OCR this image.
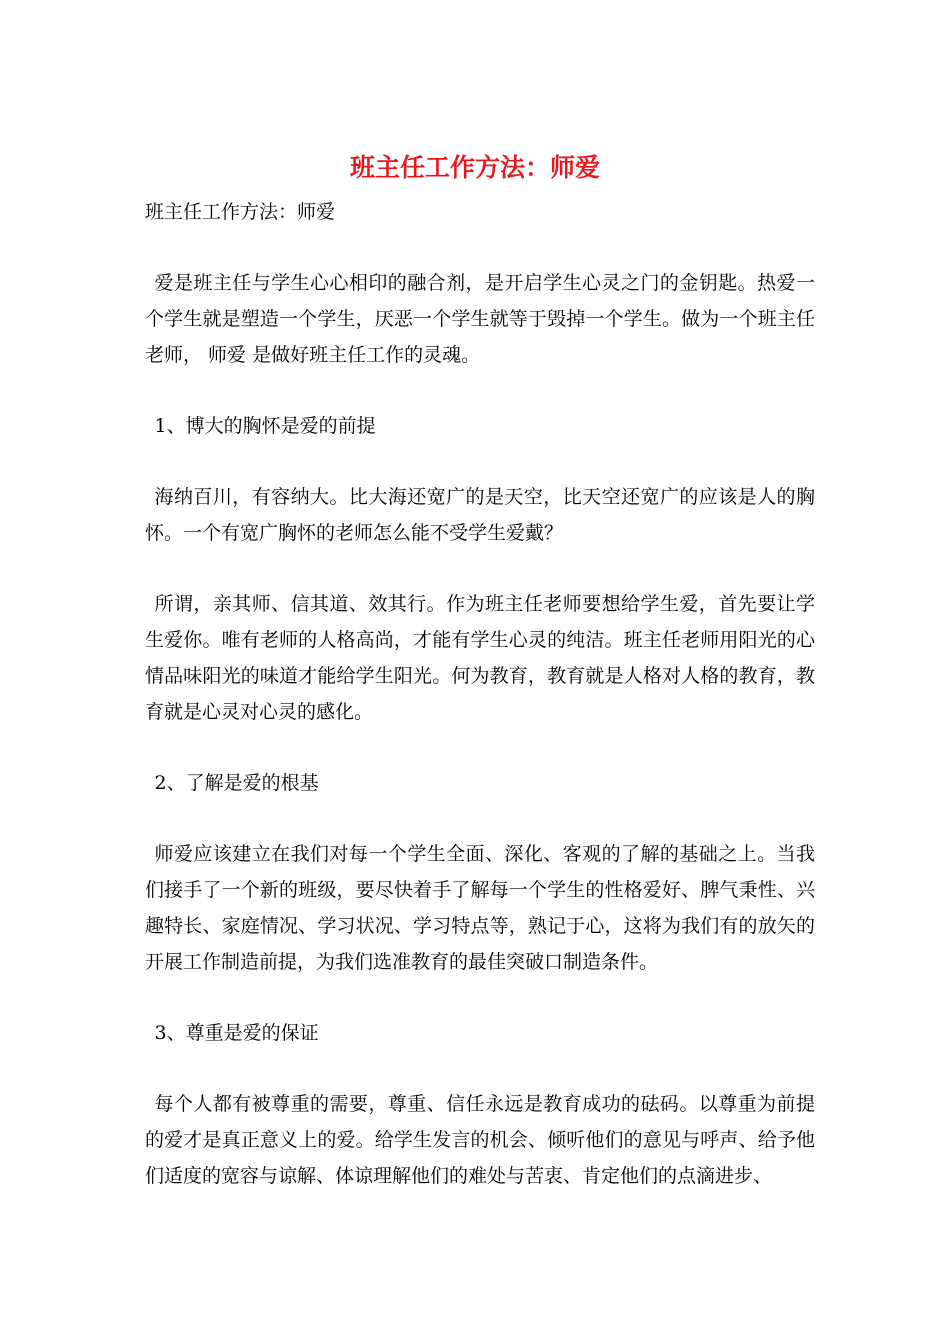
班主任工作方法：师爱
班主任工作方法：师爱

爱是班主任与学生心心相印的融合剂，是开启学生心灵之门的金钥匙。热爱一个学生就是塑造一个学生，厌恶一个学生就等于毁掉一个学生。做为一个班主任老师， 师爱 是做好班主任工作的灵魂。

1、博大的胸怀是爱的前提

海纳百川，有容纳大。比大海还宽广的是天空，比天空还宽广的应该是人的胸怀。一个有宽广胸怀的老师怎么能不受学生爱戴？

所谓，亲其师、信其道、效其行。作为班主任老师要想给学生爱，首先要让学生爱你。唯有老师的人格高尚，才能有学生心灵的纯洁。班主任老师用阳光的心情品味阳光的味道才能给学生阳光。何为教育，教育就是人格对人格的教育，教育就是心灵对心灵的感化。

2、了解是爱的根基

师爱应该建立在我们对每一个学生全面、深化、客观的了解的基础之上。当我们接手了一个新的班级，要尽快着手了解每一个学生的性格爱好、脾气秉性、兴趣特长、家庭情况、学习状况、学习特点等，熟记于心，这将为我们有的放矢的开展工作制造前提，为我们选准教育的最佳突破口制造条件。

3、尊重是爱的保证

每个人都有被尊重的需要，尊重、信任永远是教育成功的砝码。以尊重为前提的爱才是真正意义上的爱。给学生发言的机会、倾听他们的意见与呼声、给予他们适度的宽容与谅解、体谅理解他们的难处与苦衷、肯定他们的点滴进步、
